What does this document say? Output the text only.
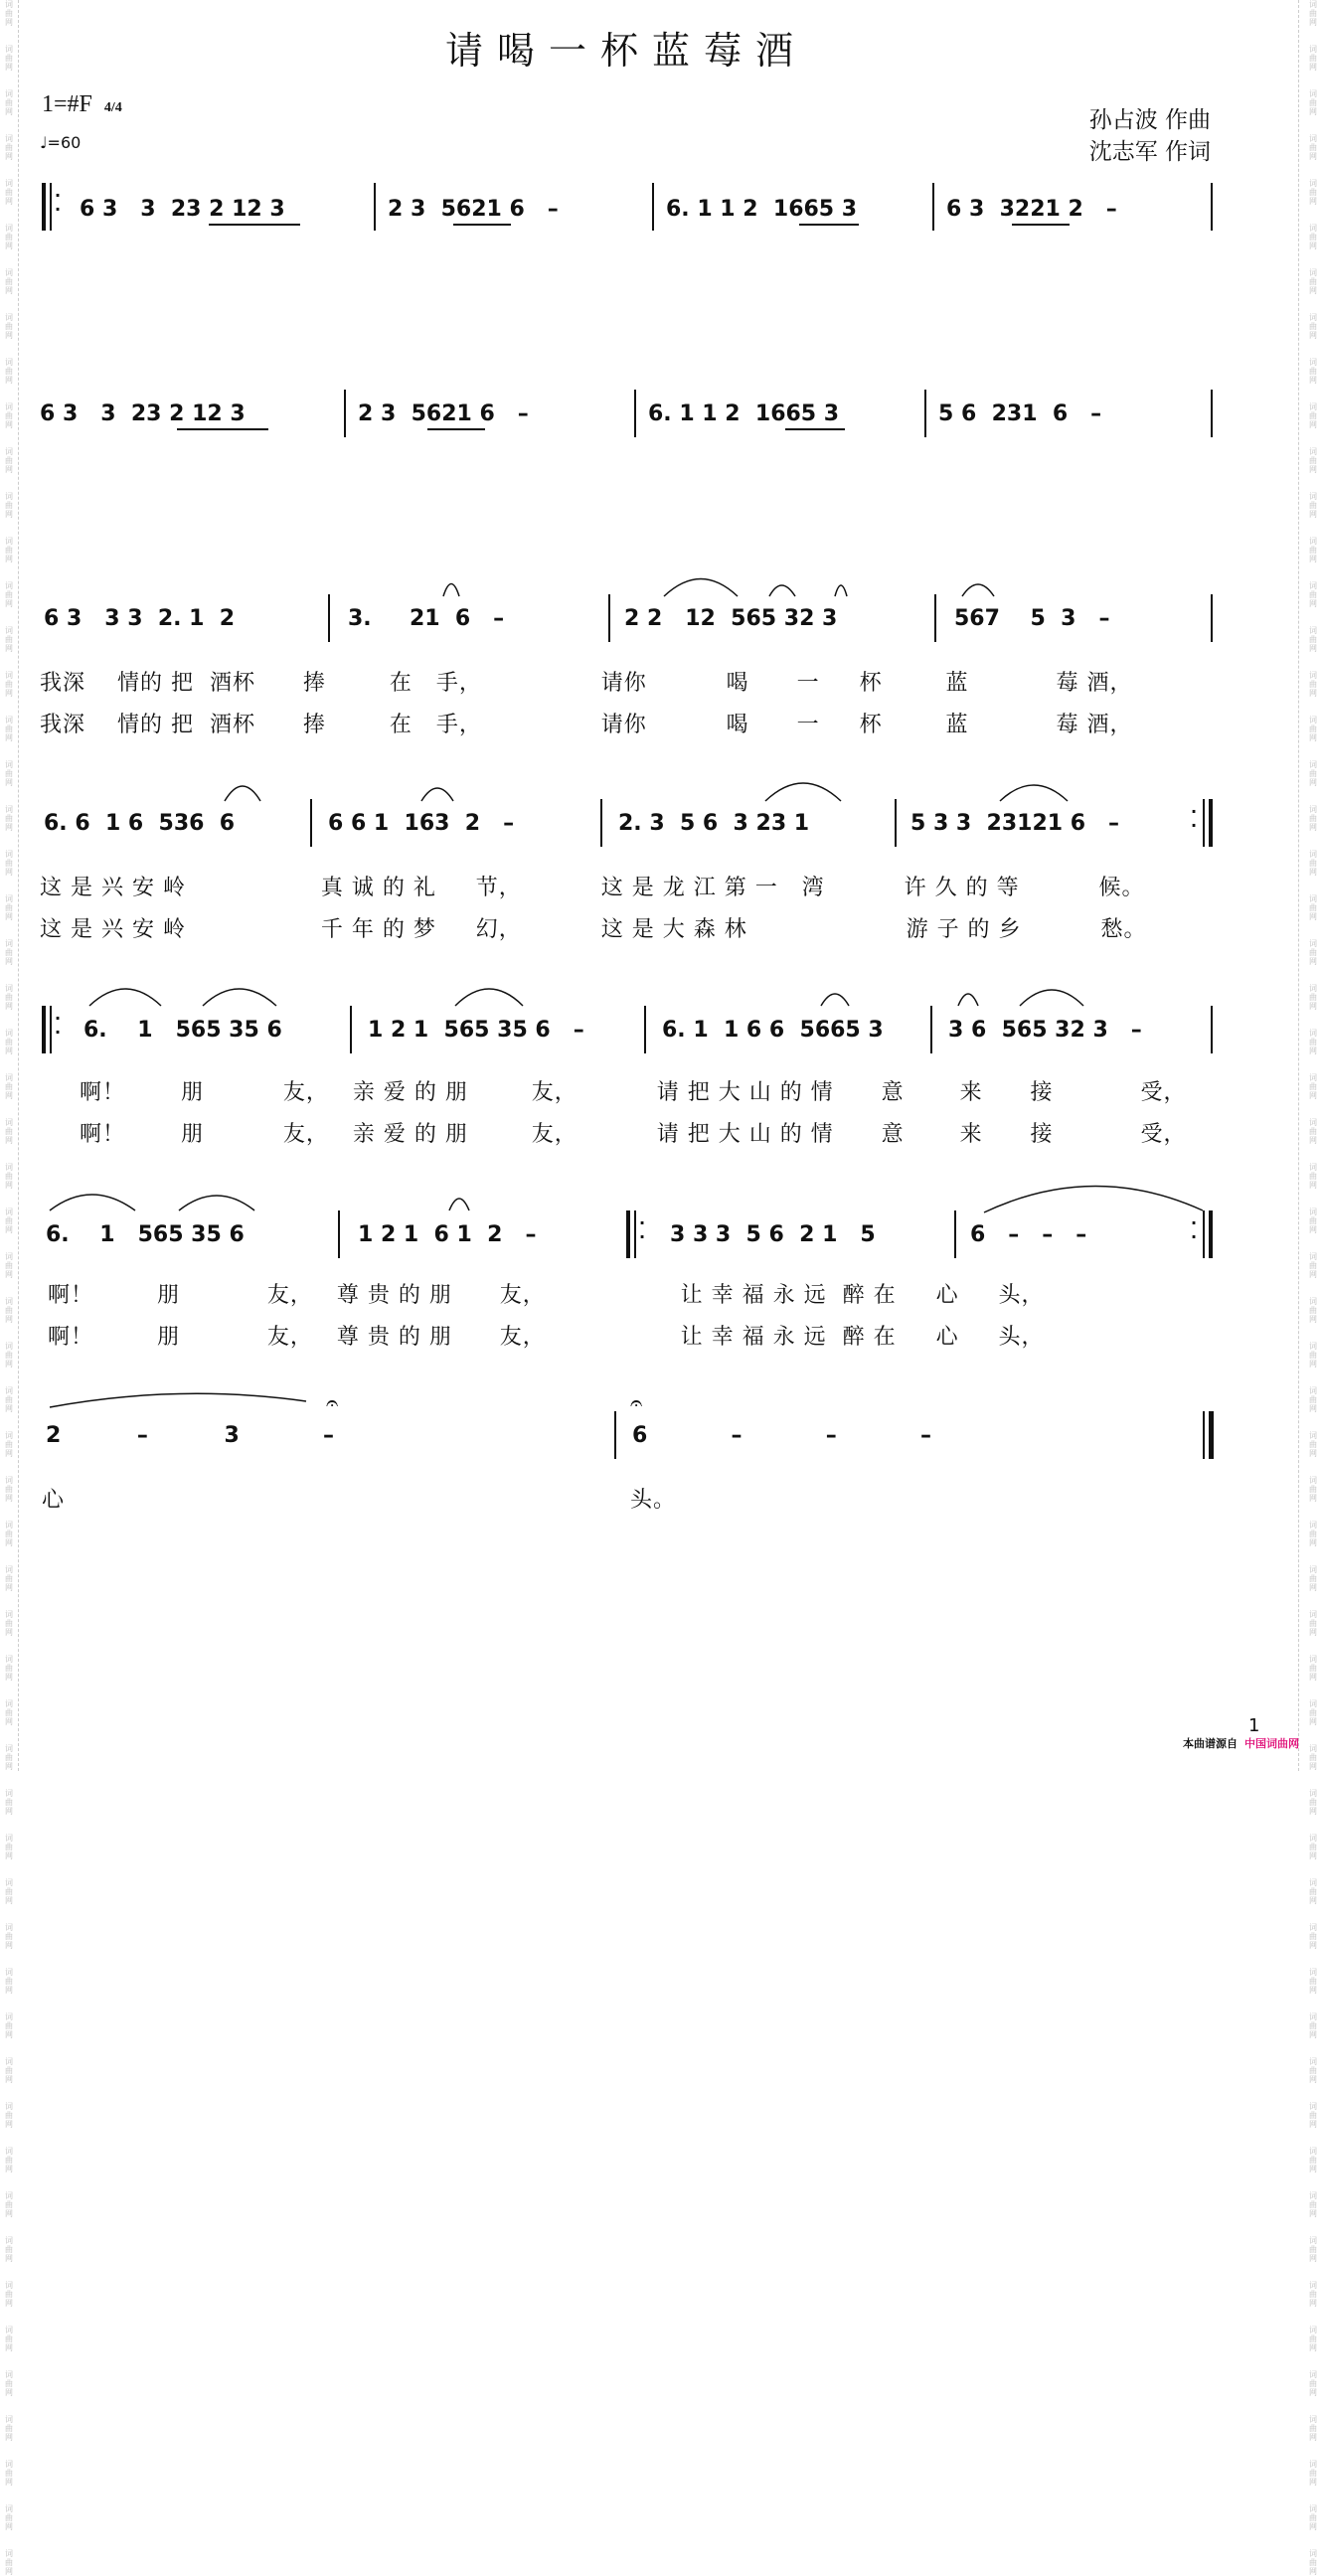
词
曲
网

词
曲
网

词
曲
网

词
曲
网

词
曲
网

词
曲
网

词
曲
网

词
曲
网

词
曲
网

词
曲
网

词
曲
网

词
曲
网

词
曲
网

词
曲
网

词
曲
网

词
曲
网

词
曲
网

词
曲
网

词
曲
网

词
曲
网

词
曲
网

词
曲
网

词
曲
网

词
曲
网

词
曲
网

词
曲
网

词
曲
网

词
曲
网

词
曲
网

词
曲
网

词
曲
网

词
曲
网

词
曲
网

词
曲
网

词
曲
网

词
曲
网

词
曲
网

词
曲
网

词
曲
网

词
曲
网

词
曲
网

词
曲
网

词
曲
网

词
曲
网

词
曲
网

词
曲
网

词
曲
网

词
曲
网

词
曲
网

词
曲
网

词
曲
网

词
曲
网

词
曲
网

词
曲
网

词
曲
网

词
曲
网

词
曲
网

词
曲
网

词
曲
网

词
曲
网

词
曲
网

词
曲
网

词
曲
网

词
曲
网

词
曲
网

词
曲
网

词
曲
网

词
曲
网

词
曲
网

词
曲
网

词
曲
网

词
曲
网

词
曲
网

词
曲
网

词
曲
网

词
曲
网

词
曲
网

词
曲
网

词
曲
网

词
曲
网

词
曲
网

词
曲
网

词
曲
网

词
曲
网

词
曲
网

词
曲
网

词
曲
网

词
曲
网

词
曲
网

词
曲
网

词
曲
网

词
曲
网

词
曲
网

词
曲
网

词
曲
网

词
曲
网

词
曲
网

词
曲
网

词
曲
网

词
曲
网

词
曲
网

词
曲
网

词
曲
网

词
曲
网

词
曲
网

词
曲
网

词
曲
网

词
曲
网

词
曲
网

词
曲
网

词
曲
网

词
曲
网

词
曲
网

词
曲
网

词
曲
网

词
曲
网

请喝一杯蓝莓酒
1=#F 4/4
♩=60
孙占波 作曲
沈志军 作词
·
· 6 3   3  23 2 12 3	2 3  5621 6   –	6. 1 1 2  1665 3	6 3  3221 2   –
6 3   3  23 2 12 3	2 3  5621 6   –	6. 1 1 2  1665 3	5 6  231  6   –
6 3   3 3  2. 1  2	3.     21  6   –	2 2   12  565 32 3	567    5  3   –
我深    情的 把  酒杯      捧        在   手，               请你          喝      一     杯        蓝           莓 酒，
我深    情的 把  酒杯      捧        在   手，               请你          喝      一     杯        蓝           莓 酒，
6. 6  1 6  536  6	6 6 1  163  2   –	2. 3  5 6  3 23 1	5 3 3  23121 6   –	·
·
这 是 兴 安 岭                 真 诚 的 礼     节，          这 是 龙 江 第 一   湾          许 久 的 等          候。
这 是 兴 安 岭                 千 年 的 梦     幻，          这 是 大 森 林                    游 子 的 乡          愁。
·
· 6.    1   565 35 6	1 2 1  565 35 6   –	6. 1  1 6 6  5665 3	3 6  565 32 3   –
啊！       朋          友，   亲 爱 的 朋        友，          请 把 大 山 的 情      意       来      接           受，
啊！       朋          友，   亲 爱 的 朋        友，          请 把 大 山 的 情      意       来      接           受，
6.    1   565 35 6	1 2 1  6 1  2   –	·
· 3 3 3  5 6  2 1   5	6   –   –   –	·
·
啊！        朋           友，   尊 贵 的 朋      友，                 让 幸 福 永 远  醉 在     心     头，
啊！        朋           友，   尊 贵 的 朋      友，                 让 幸 福 永 远  醉 在     心     头，
2          –          3           –	6           –           –           –
𝄐	𝄐
心	头。
1
本曲谱源自 中国词曲网
